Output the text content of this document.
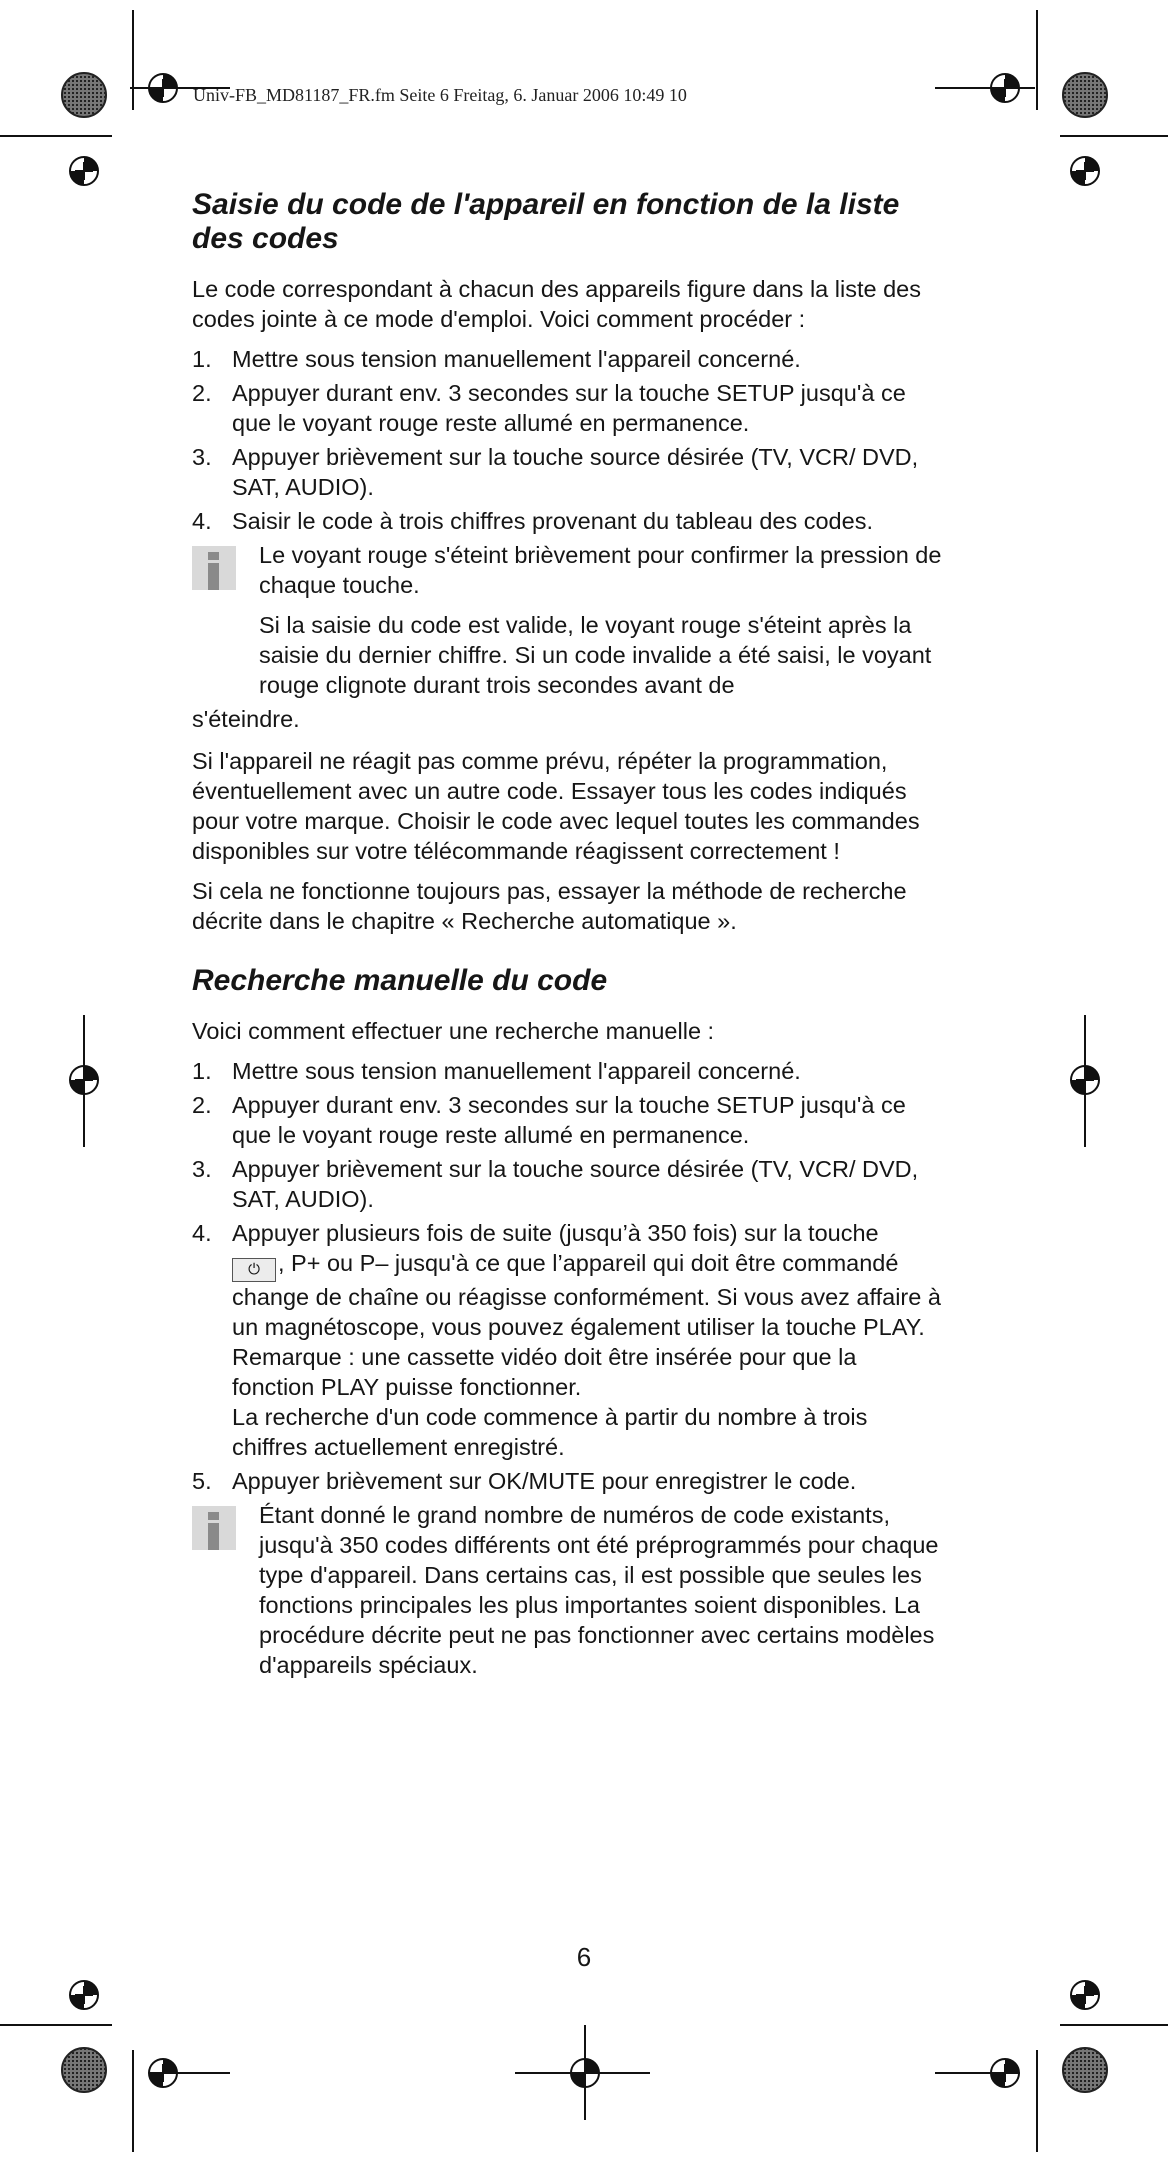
Univ-FB_MD81187_FR.fm Seite 6 Freitag, 6. Januar 2006 10:49 10
Saisie du code de l'appareil en fonction de la liste des codes

Le code correspondant à chacun des appareils figure dans la liste des codes jointe à ce mode d'emploi. Voici comment procéder :

1. Mettre sous tension manuellement l'appareil concerné.
2. Appuyer durant env. 3 secondes sur la touche SETUP jusqu'à ce que le voyant rouge reste allumé en permanence.
3. Appuyer brièvement sur la touche source désirée (TV, VCR/ DVD, SAT, AUDIO).
4. Saisir le code à trois chiffres provenant du tableau des codes.
Le voyant rouge s'éteint brièvement pour confirmer la pression de chaque touche.
Si la saisie du code est valide, le voyant rouge s'éteint après la saisie du dernier chiffre. Si un code invalide a été saisi, le voyant rouge clignote durant trois secondes avant de

s'éteindre.

Si l'appareil ne réagit pas comme prévu, répéter la programmation, éventuellement avec un autre code. Essayer tous les codes indiqués pour votre marque. Choisir le code avec lequel toutes les commandes disponibles sur votre télécommande réagissent correctement !

Si cela ne fonctionne toujours pas, essayer la méthode de recherche décrite dans le chapitre « Recherche automatique ».

Recherche manuelle du code

Voici comment effectuer une recherche manuelle :

1. Mettre sous tension manuellement l'appareil concerné.
2. Appuyer durant env. 3 secondes sur la touche SETUP jusqu'à ce que le voyant rouge reste allumé en permanence.
3. Appuyer brièvement sur la touche source désirée (TV, VCR/ DVD, SAT, AUDIO).
4. Appuyer plusieurs fois de suite (jusqu’à 350 fois) sur la touche
⏻ , P+ ou P– jusqu'à ce que l’appareil qui doit être commandé change de chaîne ou réagisse conformément. Si vous avez affaire à un magnétoscope, vous pouvez également utiliser la touche PLAY. Remarque : une cassette vidéo doit être insérée pour que la fonction PLAY puisse fonctionner.
La recherche d'un code commence à partir du nombre à trois chiffres actuellement enregistré.
5. Appuyer brièvement sur OK/MUTE pour enregistrer le code.
Étant donné le grand nombre de numéros de code existants, jusqu'à 350 codes différents ont été préprogrammés pour chaque type d'appareil. Dans certains cas, il est possible que seules les fonctions principales les plus importantes soient disponibles. La procédure décrite peut ne pas fonctionner avec certains modèles d'appareils spéciaux.
6
